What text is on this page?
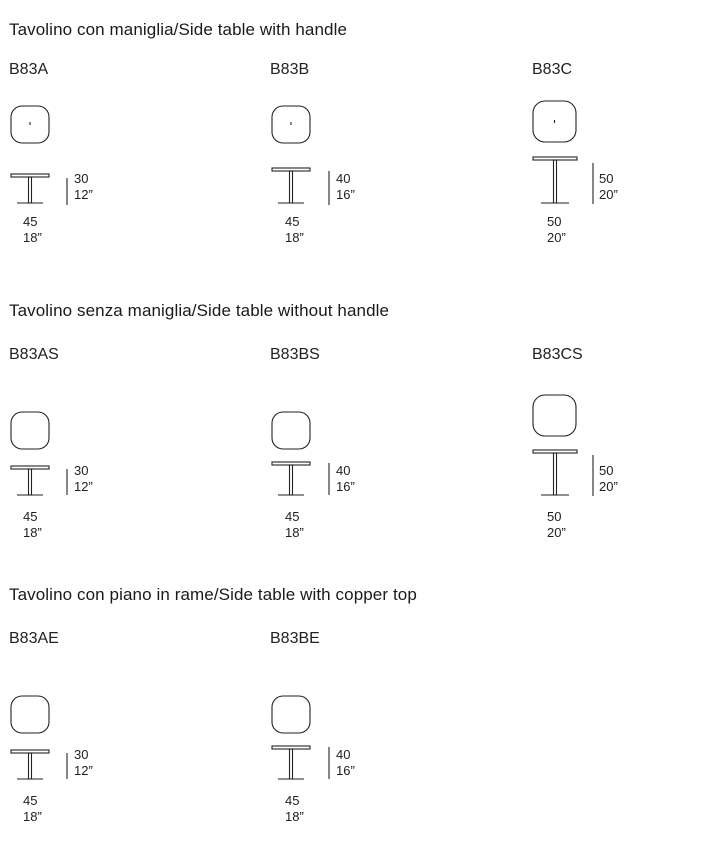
Tavolino con maniglia/Side table with handle
B83A
30
12”
45
18”
B83B
40
16”
45
18”
B83C
50
20”
50
20”
Tavolino senza maniglia/Side table without handle
B83AS
30
12”
45
18”
B83BS
40
16”
45
18”
B83CS
50
20”
50
20”
Tavolino con piano in rame/Side table with copper top
B83AE
30
12”
45
18”
B83BE
40
16”
45
18”
